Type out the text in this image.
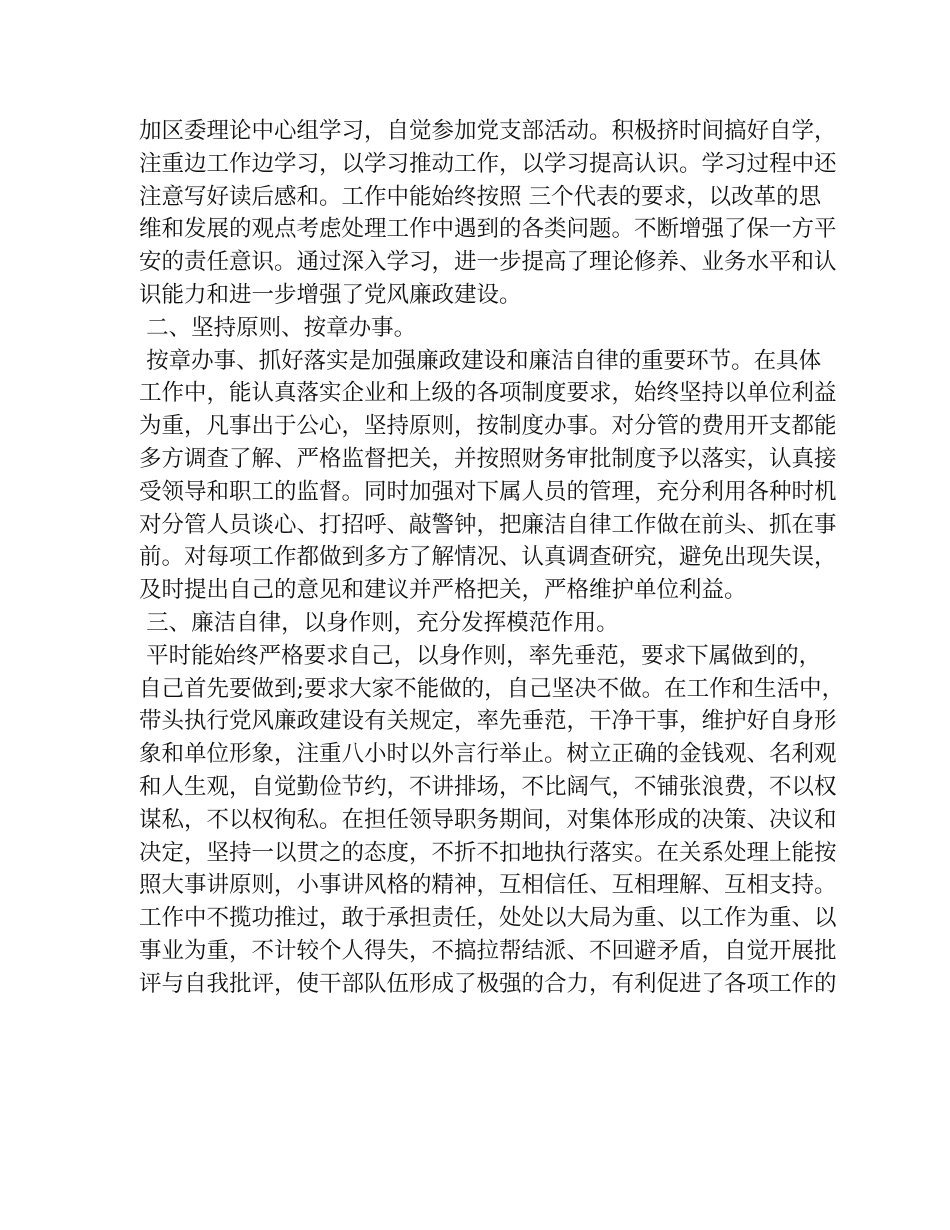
加区委理论中心组学习，自觉参加党支部活动。积极挤时间搞好自学，
注重边工作边学习，以学习推动工作，以学习提高认识。学习过程中还
注意写好读后感和。工作中能始终按照 三个代表的要求，以改革的思
维和发展的观点考虑处理工作中遇到的各类问题。不断增强了保一方平
安的责任意识。通过深入学习，进一步提高了理论修养、业务水平和认
识能力和进一步增强了党风廉政建设。
二、坚持原则、按章办事。
按章办事、抓好落实是加强廉政建设和廉洁自律的重要环节。在具体
工作中，能认真落实企业和上级的各项制度要求，始终坚持以单位利益
为重，凡事出于公心，坚持原则，按制度办事。对分管的费用开支都能
多方调查了解、严格监督把关，并按照财务审批制度予以落实，认真接
受领导和职工的监督。同时加强对下属人员的管理，充分利用各种时机
对分管人员谈心、打招呼、敲警钟，把廉洁自律工作做在前头、抓在事
前。对每项工作都做到多方了解情况、认真调查研究，避免出现失误，
及时提出自己的意见和建议并严格把关，严格维护单位利益。
三、廉洁自律，以身作则，充分发挥模范作用。
平时能始终严格要求自己，以身作则，率先垂范，要求下属做到的，
自己首先要做到;要求大家不能做的，自己坚决不做。在工作和生活中，
带头执行党风廉政建设有关规定，率先垂范，干净干事，维护好自身形
象和单位形象，注重八小时以外言行举止。树立正确的金钱观、名利观
和人生观，自觉勤俭节约，不讲排场，不比阔气，不铺张浪费，不以权
谋私，不以权徇私。在担任领导职务期间，对集体形成的决策、决议和
决定，坚持一以贯之的态度，不折不扣地执行落实。在关系处理上能按
照大事讲原则，小事讲风格的精神，互相信任、互相理解、互相支持。
工作中不揽功推过，敢于承担责任，处处以大局为重、以工作为重、以
事业为重，不计较个人得失，不搞拉帮结派、不回避矛盾，自觉开展批
评与自我批评，使干部队伍形成了极强的合力，有利促进了各项工作的
